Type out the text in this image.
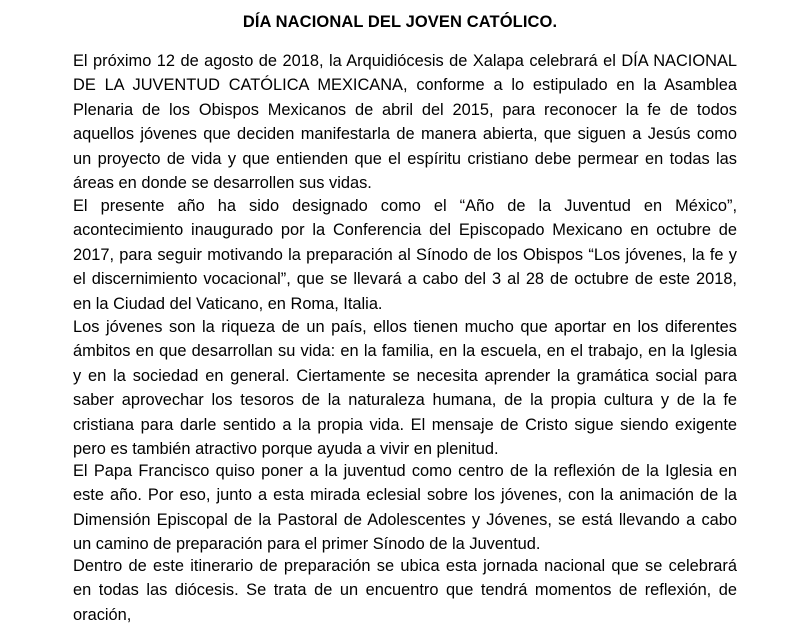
DÍA NACIONAL DEL JOVEN CATÓLICO.

El próximo 12 de agosto de 2018, la Arquidiócesis de Xalapa celebrará el DÍA NACIONAL DE LA JUVENTUD CATÓLICA MEXICANA, conforme a lo estipulado en la Asamblea Plenaria de los Obispos Mexicanos de abril del 2015, para reconocer la fe de todos aquellos jóvenes que deciden manifestarla de manera abierta, que siguen a Jesús como un proyecto de vida y que entienden que el espíritu cristiano debe permear en todas las áreas en donde se desarrollen sus vidas.

El presente año ha sido designado como el “Año de la Juventud en México”, acontecimiento inaugurado por la Conferencia del Episcopado Mexicano en octubre de 2017, para seguir motivando la preparación al Sínodo de los Obispos “Los jóvenes, la fe y el discernimiento vocacional”, que se llevará a cabo del 3 al 28 de octubre de este 2018, en la Ciudad del Vaticano, en Roma, Italia.

Los jóvenes son la riqueza de un país, ellos tienen mucho que aportar en los diferentes ámbitos en que desarrollan su vida: en la familia, en la escuela, en el trabajo, en la Iglesia y en la sociedad en general. Ciertamente se necesita aprender la gramática social para saber aprovechar los tesoros de la naturaleza humana, de la propia cultura y de la fe cristiana para darle sentido a la propia vida. El mensaje de Cristo sigue siendo exigente pero es también atractivo porque ayuda a vivir en plenitud.

El Papa Francisco quiso poner a la juventud como centro de la reflexión de la Iglesia en este año. Por eso, junto a esta mirada eclesial sobre los jóvenes, con la animación de la Dimensión Episcopal de la Pastoral de Adolescentes y Jóvenes, se está llevando a cabo un camino de preparación para el primer Sínodo de la Juventud.

Dentro de este itinerario de preparación se ubica esta jornada nacional que se celebrará en todas las diócesis. Se trata de un encuentro que tendrá momentos de reflexión, de oración,
